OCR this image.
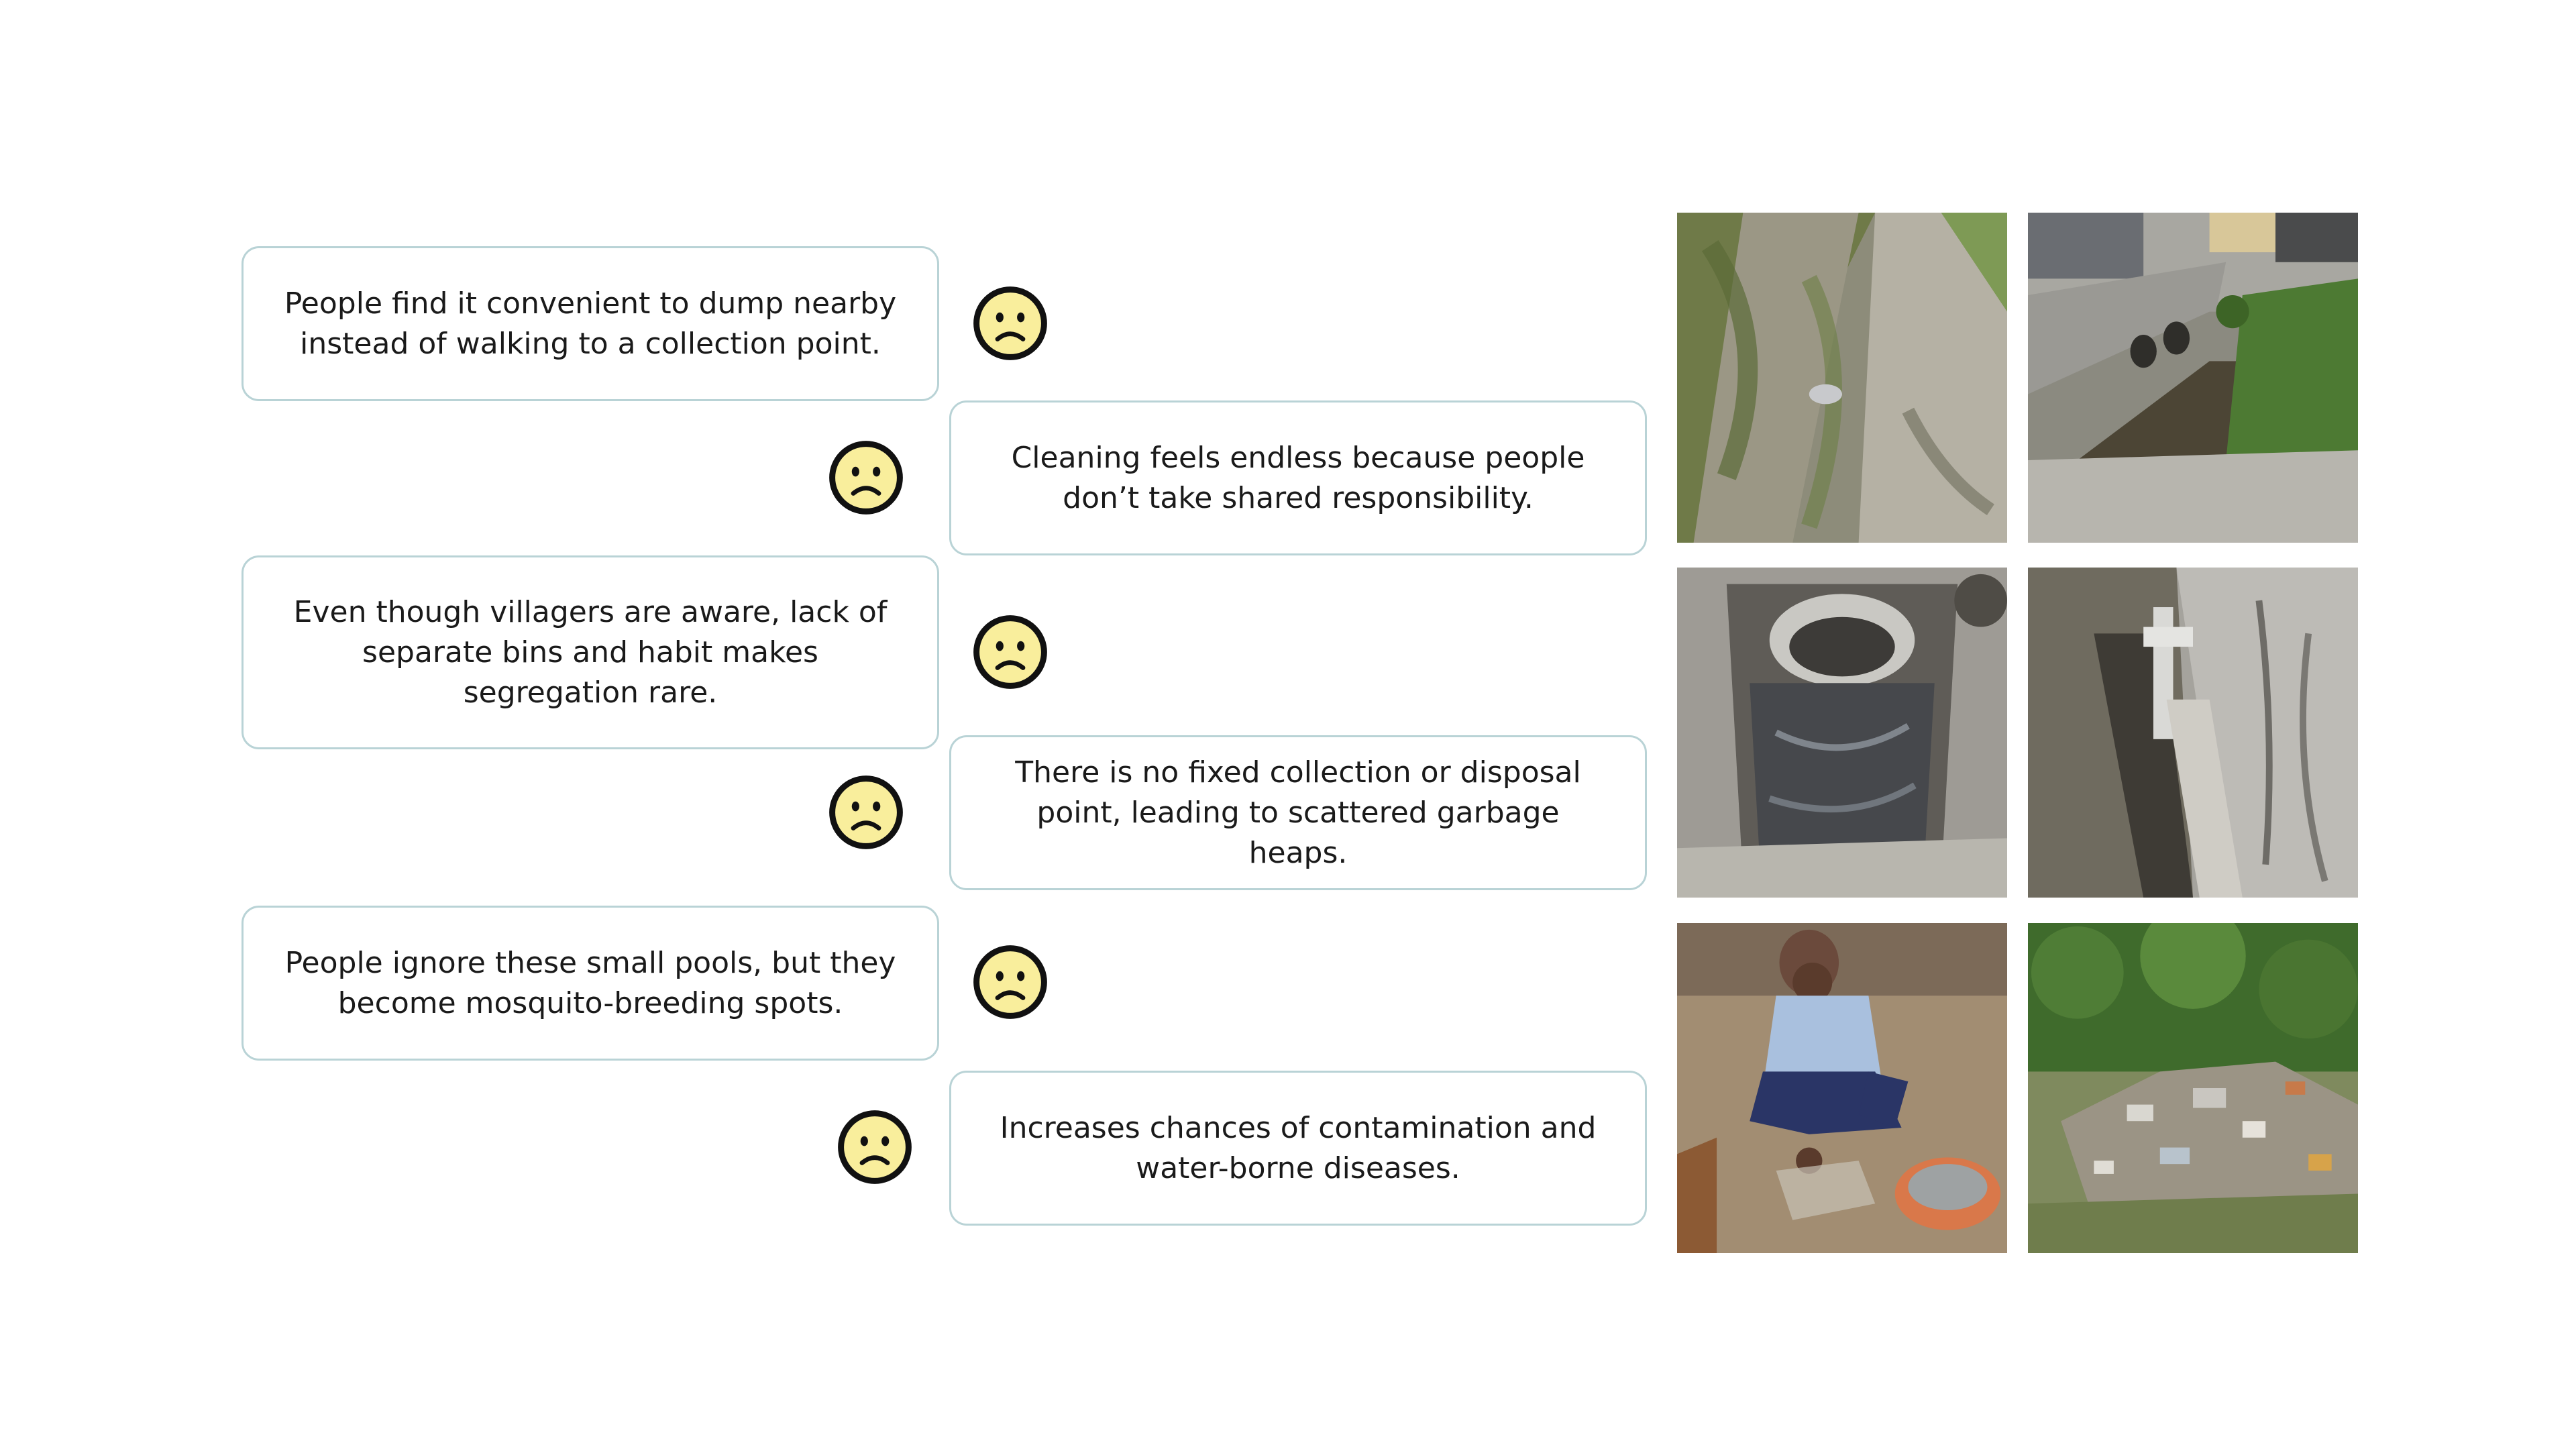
People find it convenient to dump nearby instead of walking to a collection point.
Cleaning feels endless because people don’t take shared responsibility.
Even though villagers are aware, lack of separate bins and habit makes segregation rare.
There is no fixed collection or disposal point, leading to scattered garbage heaps.
People ignore these small pools, but they become mosquito-breeding spots.
Increases chances of contamination and water-borne diseases.
